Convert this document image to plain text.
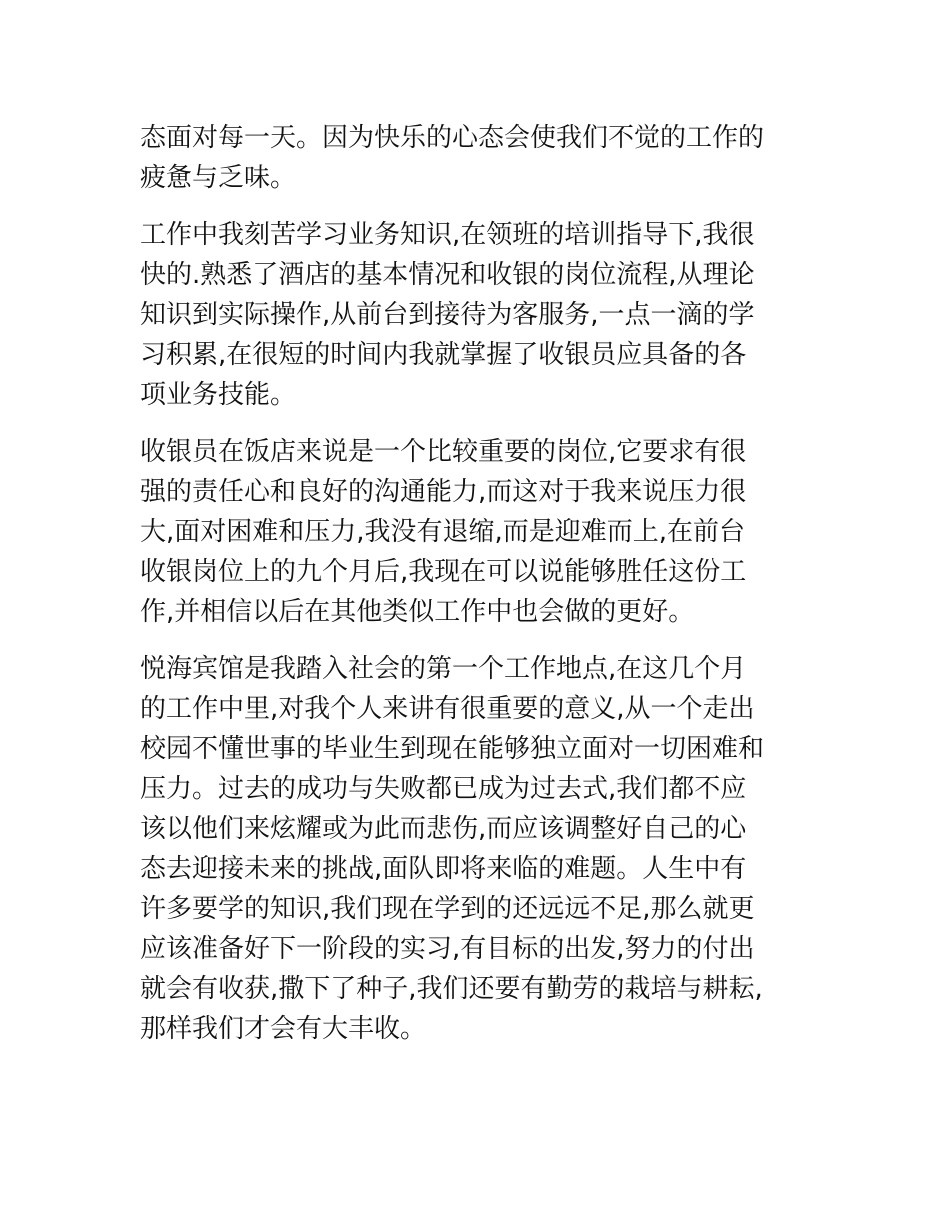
态面对每一天。因为快乐的心态会使我们不觉的工作的
疲惫与乏味。

工作中我刻苦学习业务知识,在领班的培训指导下,我很
快的.熟悉了酒店的基本情况和收银的岗位流程,从理论
知识到实际操作,从前台到接待为客服务,一点一滴的学
习积累,在很短的时间内我就掌握了收银员应具备的各
项业务技能。

收银员在饭店来说是一个比较重要的岗位,它要求有很
强的责任心和良好的沟通能力,而这对于我来说压力很
大,面对困难和压力,我没有退缩,而是迎难而上,在前台
收银岗位上的九个月后,我现在可以说能够胜任这份工
作,并相信以后在其他类似工作中也会做的更好。

悦海宾馆是我踏入社会的第一个工作地点,在这几个月
的工作中里,对我个人来讲有很重要的意义,从一个走出
校园不懂世事的毕业生到现在能够独立面对一切困难和
压力。过去的成功与失败都已成为过去式,我们都不应
该以他们来炫耀或为此而悲伤,而应该调整好自己的心
态去迎接未来的挑战,面队即将来临的难题。人生中有
许多要学的知识,我们现在学到的还远远不足,那么就更
应该准备好下一阶段的实习,有目标的出发,努力的付出
就会有收获,撒下了种子,我们还要有勤劳的栽培与耕耘,
那样我们才会有大丰收。
